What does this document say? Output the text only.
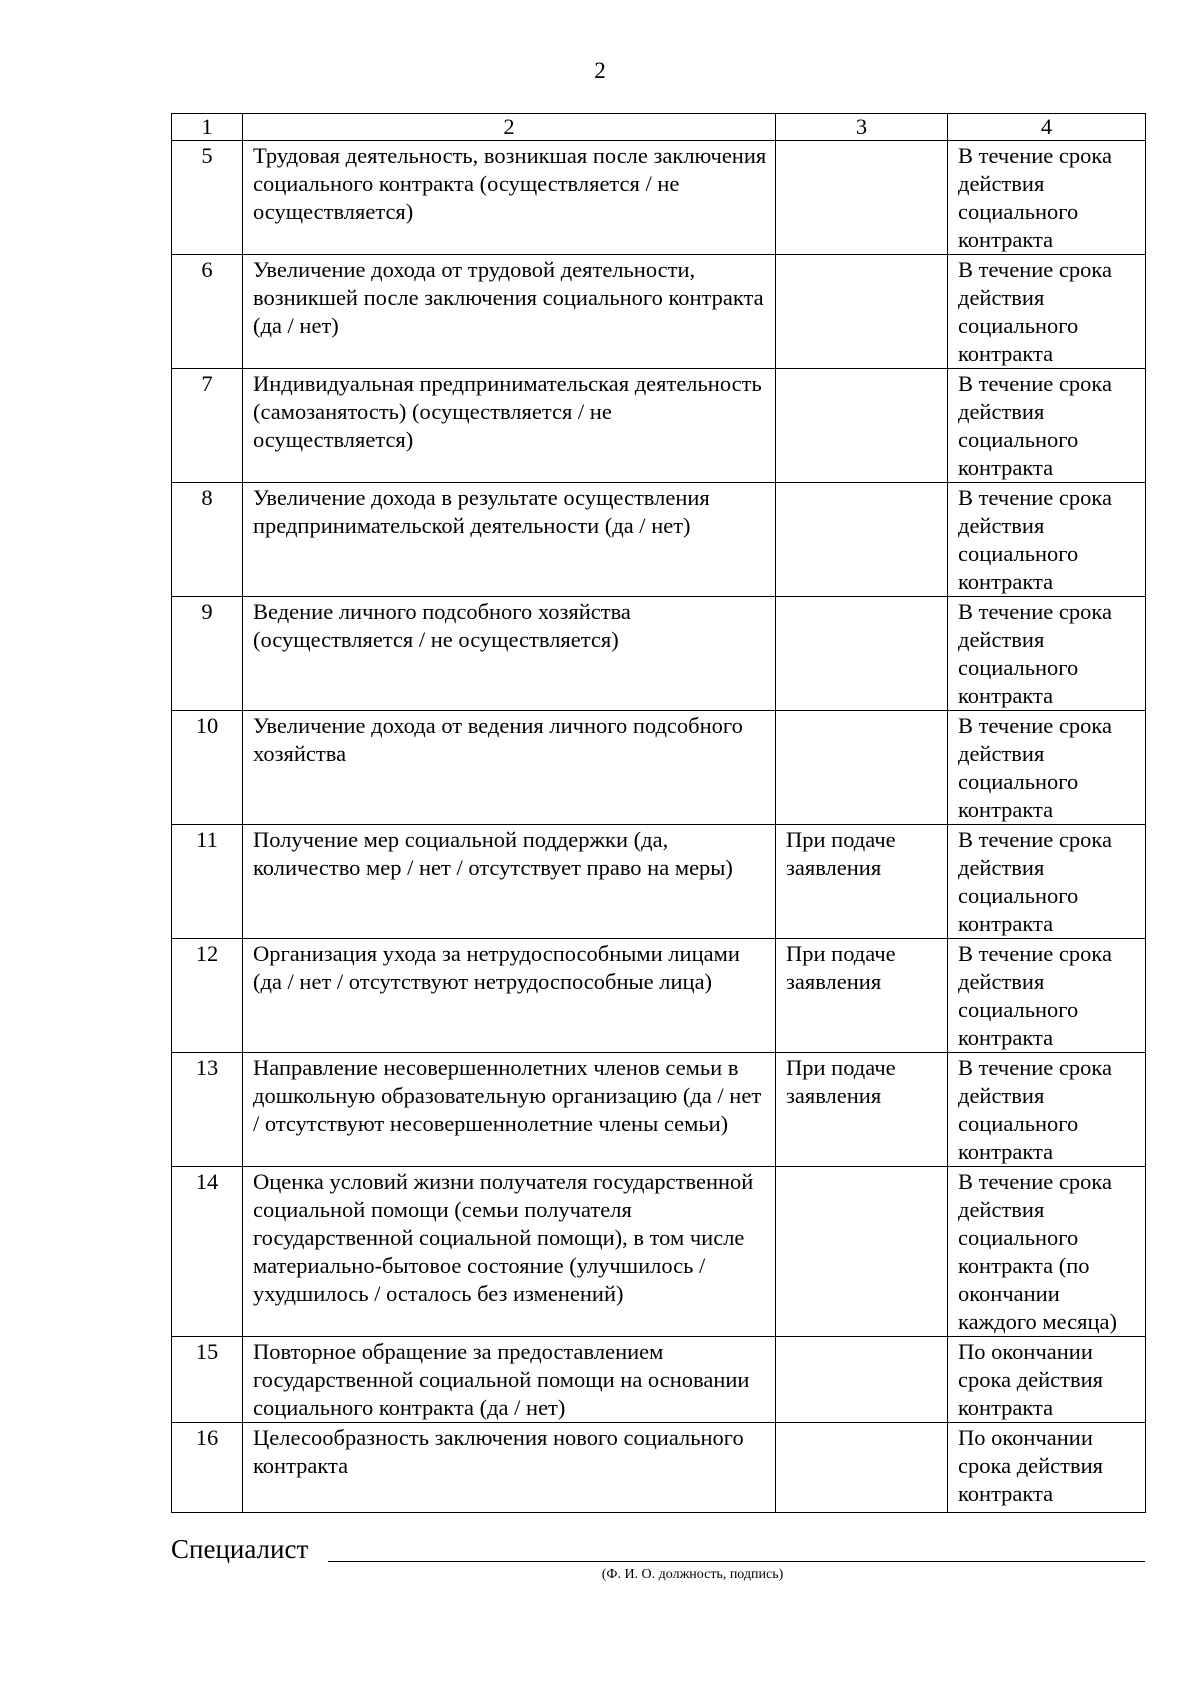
2
1	2	3	4
5	Трудовая деятельность, возникшая после заключения социального контракта (осуществляется / не осуществляется)		В течение срока действия социального контракта
6	Увеличение дохода от трудовой деятельности, возникшей после заключения социального контракта (да / нет)		В течение срока действия социального контракта
7	Индивидуальная предпринимательская деятельность (самозанятость) (осуществляется / не осуществляется)		В течение срока действия социального контракта
8	Увеличение дохода в результате осуществления предпринимательской деятельности (да / нет)		В течение срока действия социального контракта
9	Ведение личного подсобного хозяйства (осуществляется / не осуществляется)		В течение срока действия социального контракта
10	Увеличение дохода от ведения личного подсобного хозяйства		В течение срока действия социального контракта
11	Получение мер социальной поддержки (да, количество мер / нет / отсутствует право на меры)	При подаче заявления	В течение срока действия социального контракта
12	Организация ухода за нетрудоспособными лицами (да / нет / отсутствуют нетрудоспособные лица)	При подаче заявления	В течение срока действия социального контракта
13	Направление несовершеннолетних членов семьи в дошкольную образовательную организацию (да / нет / отсутствуют несовершеннолетние члены семьи)	При подаче заявления	В течение срока действия социального контракта
14	Оценка условий жизни получателя государственной социальной помощи (семьи получателя государственной социальной помощи), в том числе материально-бытовое состояние (улучшилось / ухудшилось / осталось без изменений)		В течение срока действия социального контракта (по окончании каждого месяца)
15	Повторное обращение за предоставлением государственной социальной помощи на основании социального контракта (да / нет)		По окончании срока действия контракта
16	Целесообразность заключения нового социального контракта		По окончании срока действия контракта
Специалист
(Ф. И. О. должность, подпись)
